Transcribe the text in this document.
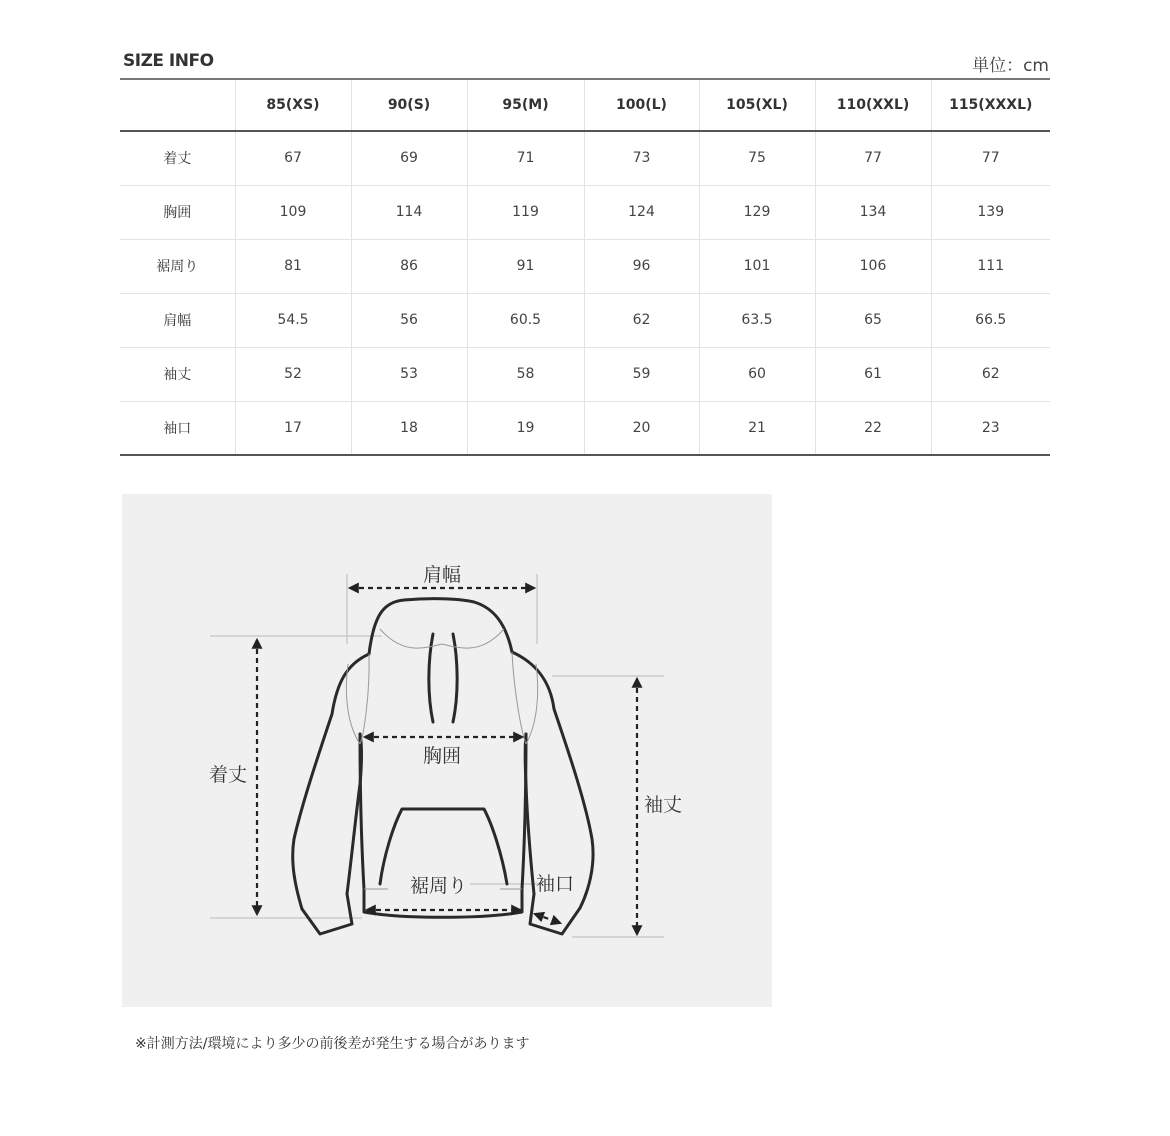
SIZE INFO	単位：cm
	85(XS)	90(S)	95(M)	100(L)	105(XL)	110(XXL)	115(XXXL)
着丈	67	69	71	73	75	77	77
胸囲	109	114	119	124	129	134	139
裾周り	81	86	91	96	101	106	111
肩幅	54.5	56	60.5	62	63.5	65	66.5
袖丈	52	53	58	59	60	61	62
袖口	17	18	19	20	21	22	23
肩幅
着丈
胸囲
袖丈
裾周り	袖口
※計測方法/環境により多少の前後差が発生する場合があります
